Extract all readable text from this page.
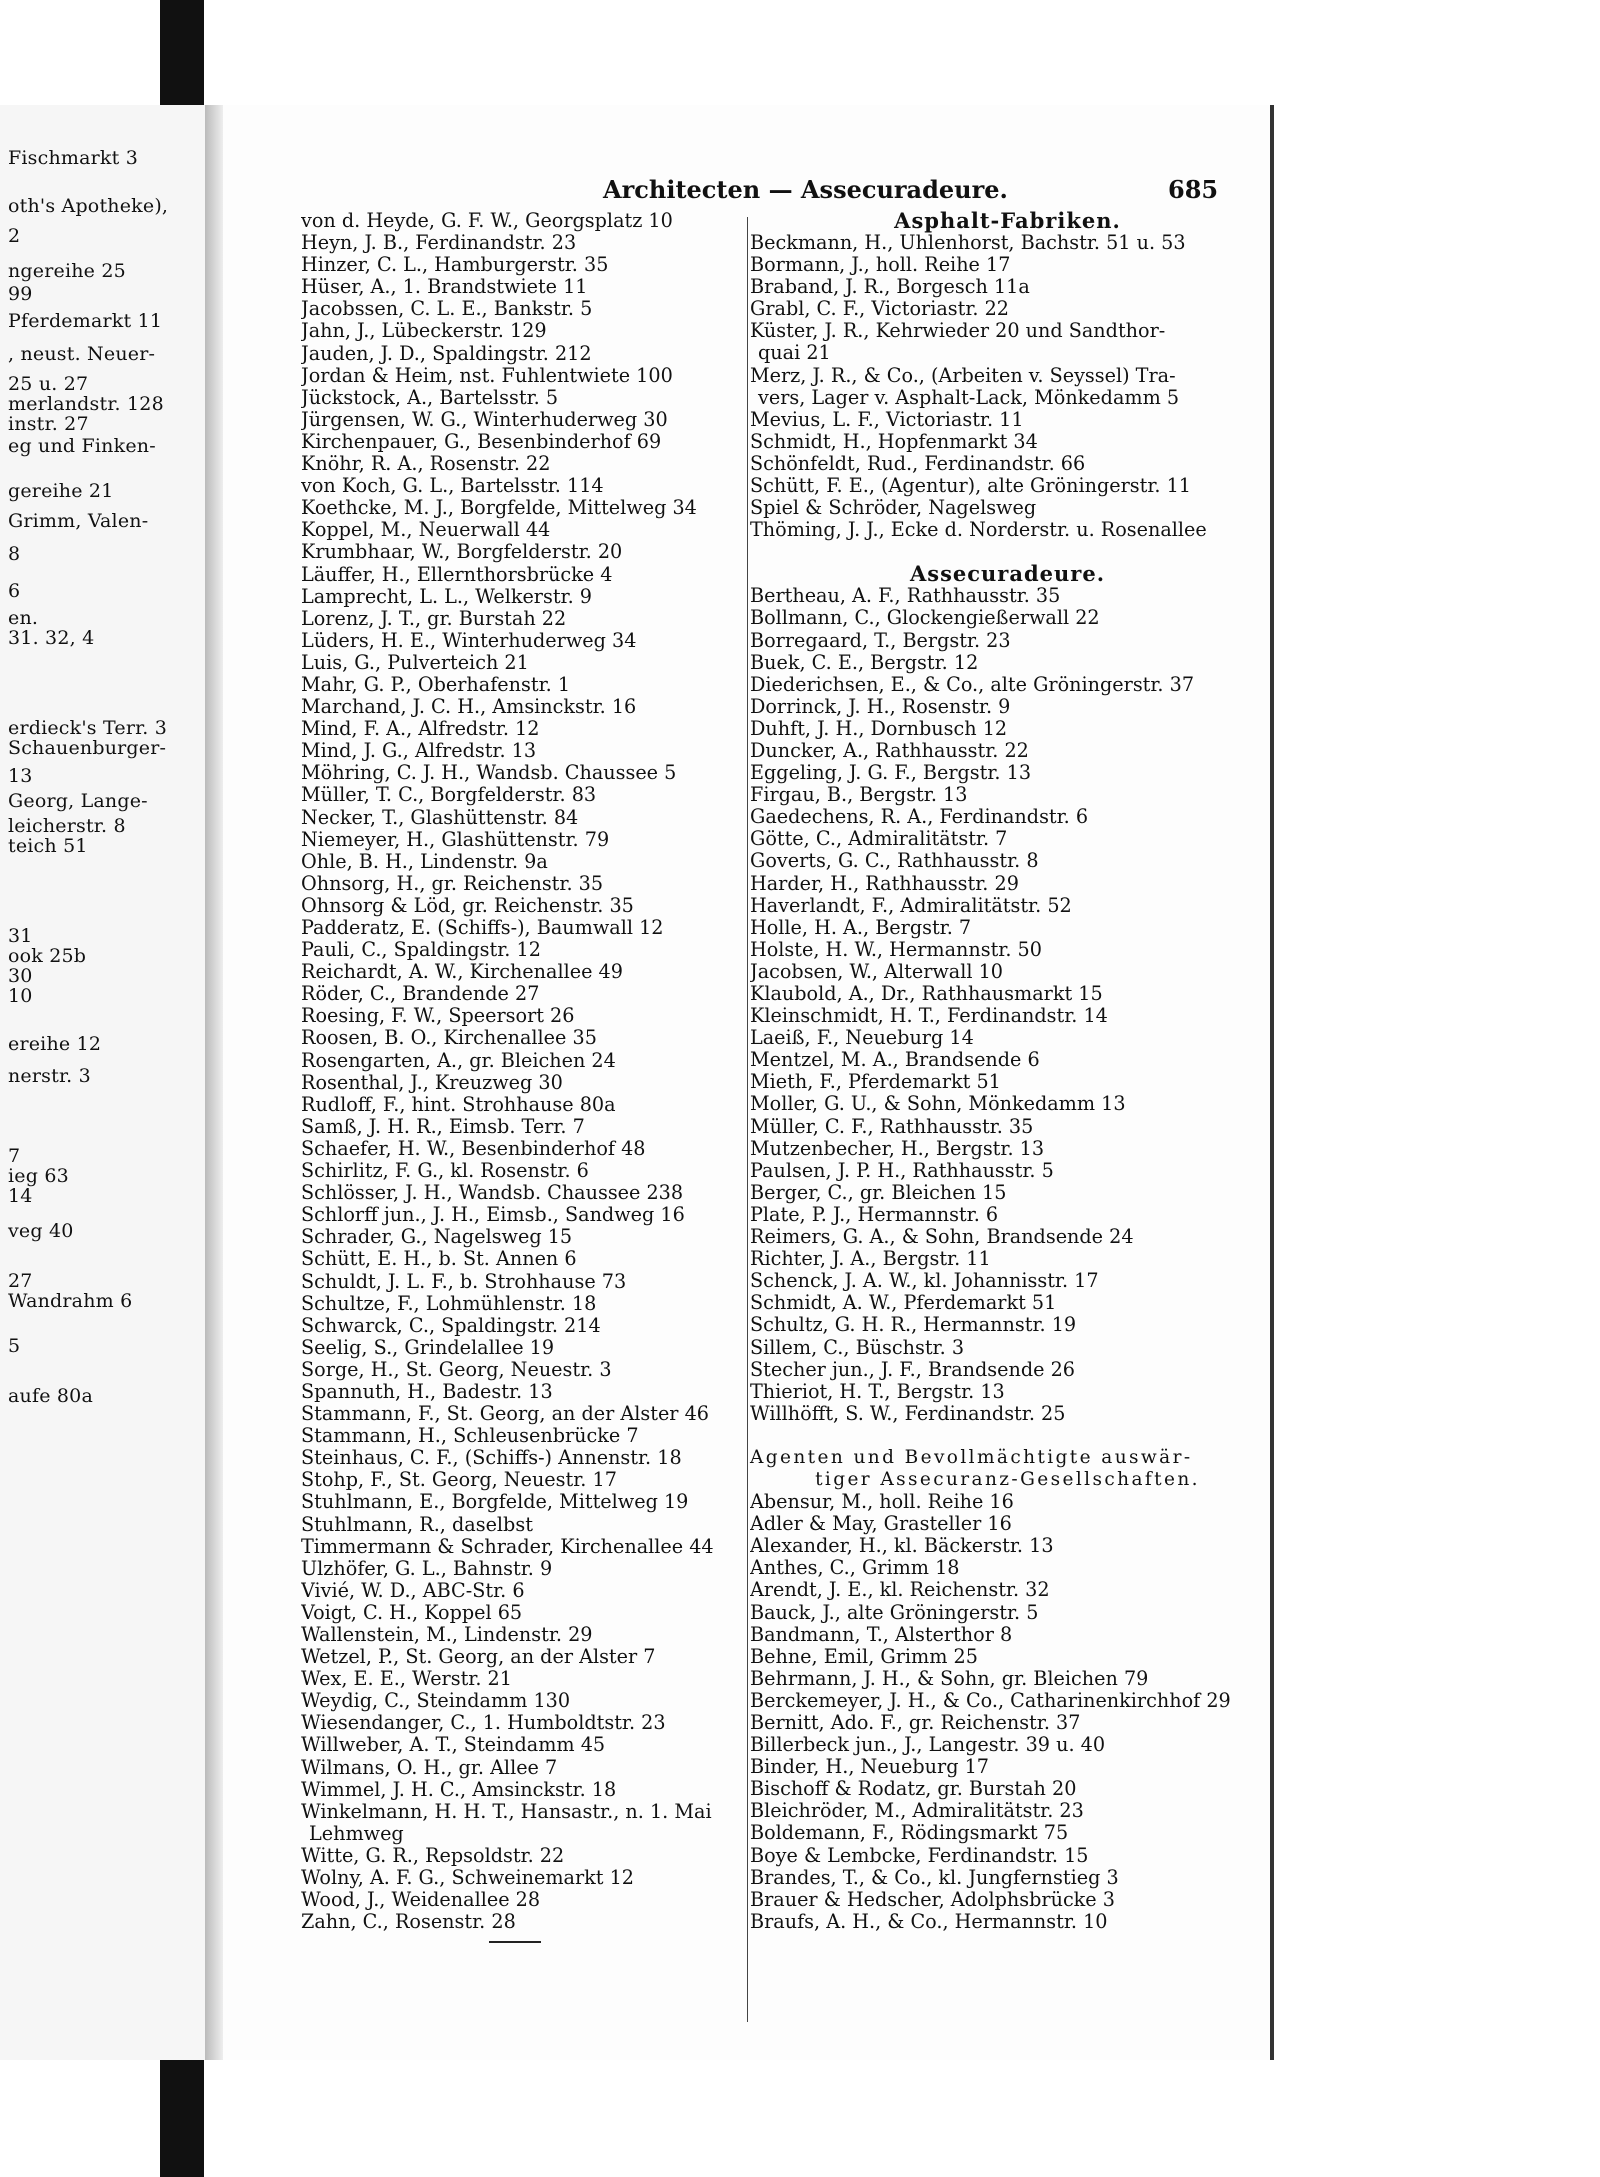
Fischmarkt 3
oth's Apotheke),
2
ngereihe 25
99
Pferdemarkt 11
, neust. Neuer-
25 u. 27
merlandstr. 128
instr. 27
eg und Finken-
gereihe 21
Grimm, Valen-
8
6
en.
31. 32, 4
erdieck's Terr. 3
Schauenburger-
13
Georg, Lange-
leicherstr. 8
teich 51
31
ook 25b
30
10
ereihe 12
nerstr. 3
7
ieg 63
14
veg 40
27
Wandrahm 6
5
aufe 80a
Architecten — Assecuradeure.	685
von d. Heyde, G. F. W., Georgsplatz 10
Heyn, J. B., Ferdinandstr. 23
Hinzer, C. L., Hamburgerstr. 35
Hüser, A., 1. Brandstwiete 11
Jacobssen, C. L. E., Bankstr. 5
Jahn, J., Lübeckerstr. 129
Jauden, J. D., Spaldingstr. 212
Jordan & Heim, nst. Fuhlentwiete 100
Jückstock, A., Bartelsstr. 5
Jürgensen, W. G., Winterhuderweg 30
Kirchenpauer, G., Besenbinderhof 69
Knöhr, R. A., Rosenstr. 22
von Koch, G. L., Bartelsstr. 114
Koethcke, M. J., Borgfelde, Mittelweg 34
Koppel, M., Neuerwall 44
Krumbhaar, W., Borgfelderstr. 20
Läuffer, H., Ellernthorsbrücke 4
Lamprecht, L. L., Welkerstr. 9
Lorenz, J. T., gr. Burstah 22
Lüders, H. E., Winterhuderweg 34
Luis, G., Pulverteich 21
Mahr, G. P., Oberhafenstr. 1
Marchand, J. C. H., Amsinckstr. 16
Mind, F. A., Alfredstr. 12
Mind, J. G., Alfredstr. 13
Möhring, C. J. H., Wandsb. Chaussee 5
Müller, T. C., Borgfelderstr. 83
Necker, T., Glashüttenstr. 84
Niemeyer, H., Glashüttenstr. 79
Ohle, B. H., Lindenstr. 9a
Ohnsorg, H., gr. Reichenstr. 35
Ohnsorg & Löd, gr. Reichenstr. 35
Padderatz, E. (Schiffs-), Baumwall 12
Pauli, C., Spaldingstr. 12
Reichardt, A. W., Kirchenallee 49
Röder, C., Brandende 27
Roesing, F. W., Speersort 26
Roosen, B. O., Kirchenallee 35
Rosengarten, A., gr. Bleichen 24
Rosenthal, J., Kreuzweg 30
Rudloff, F., hint. Strohhause 80a
Samß, J. H. R., Eimsb. Terr. 7
Schaefer, H. W., Besenbinderhof 48
Schirlitz, F. G., kl. Rosenstr. 6
Schlösser, J. H., Wandsb. Chaussee 238
Schlorff jun., J. H., Eimsb., Sandweg 16
Schrader, G., Nagelsweg 15
Schütt, E. H., b. St. Annen 6
Schuldt, J. L. F., b. Strohhause 73
Schultze, F., Lohmühlenstr. 18
Schwarck, C., Spaldingstr. 214
Seelig, S., Grindelallee 19
Sorge, H., St. Georg, Neuestr. 3
Spannuth, H., Badestr. 13
Stammann, F., St. Georg, an der Alster 46
Stammann, H., Schleusenbrücke 7
Steinhaus, C. F., (Schiffs-) Annenstr. 18
Stohp, F., St. Georg, Neuestr. 17
Stuhlmann, E., Borgfelde, Mittelweg 19
Stuhlmann, R., daselbst
Timmermann & Schrader, Kirchenallee 44
Ulzhöfer, G. L., Bahnstr. 9
Vivié, W. D., ABC-Str. 6
Voigt, C. H., Koppel 65
Wallenstein, M., Lindenstr. 29
Wetzel, P., St. Georg, an der Alster 7
Wex, E. E., Werstr. 21
Weydig, C., Steindamm 130
Wiesendanger, C., 1. Humboldtstr. 23
Willweber, A. T., Steindamm 45
Wilmans, O. H., gr. Allee 7
Wimmel, J. H. C., Amsinckstr. 18
Winkelmann, H. H. T., Hansastr., n. 1. Mai
Lehmweg
Witte, G. R., Repsoldstr. 22
Wolny, A. F. G., Schweinemarkt 12
Wood, J., Weidenallee 28
Zahn, C., Rosenstr. 28
Asphalt-Fabriken.
Beckmann, H., Uhlenhorst, Bachstr. 51 u. 53
Bormann, J., holl. Reihe 17
Braband, J. R., Borgesch 11a
Grabl, C. F., Victoriastr. 22
Küster, J. R., Kehrwieder 20 und Sandthor-
quai 21
Merz, J. R., & Co., (Arbeiten v. Seyssel) Tra-
vers, Lager v. Asphalt-Lack, Mönkedamm 5
Mevius, L. F., Victoriastr. 11
Schmidt, H., Hopfenmarkt 34
Schönfeldt, Rud., Ferdinandstr. 66
Schütt, F. E., (Agentur), alte Gröningerstr. 11
Spiel & Schröder, Nagelsweg
Thöming, J. J., Ecke d. Norderstr. u. Rosenallee
Assecuradeure.
Bertheau, A. F., Rathhausstr. 35
Bollmann, C., Glockengießerwall 22
Borregaard, T., Bergstr. 23
Buek, C. E., Bergstr. 12
Diederichsen, E., & Co., alte Gröningerstr. 37
Dorrinck, J. H., Rosenstr. 9
Duhft, J. H., Dornbusch 12
Duncker, A., Rathhausstr. 22
Eggeling, J. G. F., Bergstr. 13
Firgau, B., Bergstr. 13
Gaedechens, R. A., Ferdinandstr. 6
Götte, C., Admiralitätstr. 7
Goverts, G. C., Rathhausstr. 8
Harder, H., Rathhausstr. 29
Haverlandt, F., Admiralitätstr. 52
Holle, H. A., Bergstr. 7
Holste, H. W., Hermannstr. 50
Jacobsen, W., Alterwall 10
Klaubold, A., Dr., Rathhausmarkt 15
Kleinschmidt, H. T., Ferdinandstr. 14
Laeiß, F., Neueburg 14
Mentzel, M. A., Brandsende 6
Mieth, F., Pferdemarkt 51
Moller, G. U., & Sohn, Mönkedamm 13
Müller, C. F., Rathhausstr. 35
Mutzenbecher, H., Bergstr. 13
Paulsen, J. P. H., Rathhausstr. 5
Berger, C., gr. Bleichen 15
Plate, P. J., Hermannstr. 6
Reimers, G. A., & Sohn, Brandsende 24
Richter, J. A., Bergstr. 11
Schenck, J. A. W., kl. Johannisstr. 17
Schmidt, A. W., Pferdemarkt 51
Schultz, G. H. R., Hermannstr. 19
Sillem, C., Büschstr. 3
Stecher jun., J. F., Brandsende 26
Thieriot, H. T., Bergstr. 13
Willhöfft, S. W., Ferdinandstr. 25
Agenten und Bevollmächtigte auswär-
tiger Assecuranz-Gesellschaften.
Abensur, M., holl. Reihe 16
Adler & May, Grasteller 16
Alexander, H., kl. Bäckerstr. 13
Anthes, C., Grimm 18
Arendt, J. E., kl. Reichenstr. 32
Bauck, J., alte Gröningerstr. 5
Bandmann, T., Alsterthor 8
Behne, Emil, Grimm 25
Behrmann, J. H., & Sohn, gr. Bleichen 79
Berckemeyer, J. H., & Co., Catharinenkirchhof 29
Bernitt, Ado. F., gr. Reichenstr. 37
Billerbeck jun., J., Langestr. 39 u. 40
Binder, H., Neueburg 17
Bischoff & Rodatz, gr. Burstah 20
Bleichröder, M., Admiralitätstr. 23
Boldemann, F., Rödingsmarkt 75
Boye & Lembcke, Ferdinandstr. 15
Brandes, T., & Co., kl. Jungfernstieg 3
Brauer & Hedscher, Adolphsbrücke 3
Braufs, A. H., & Co., Hermannstr. 10
